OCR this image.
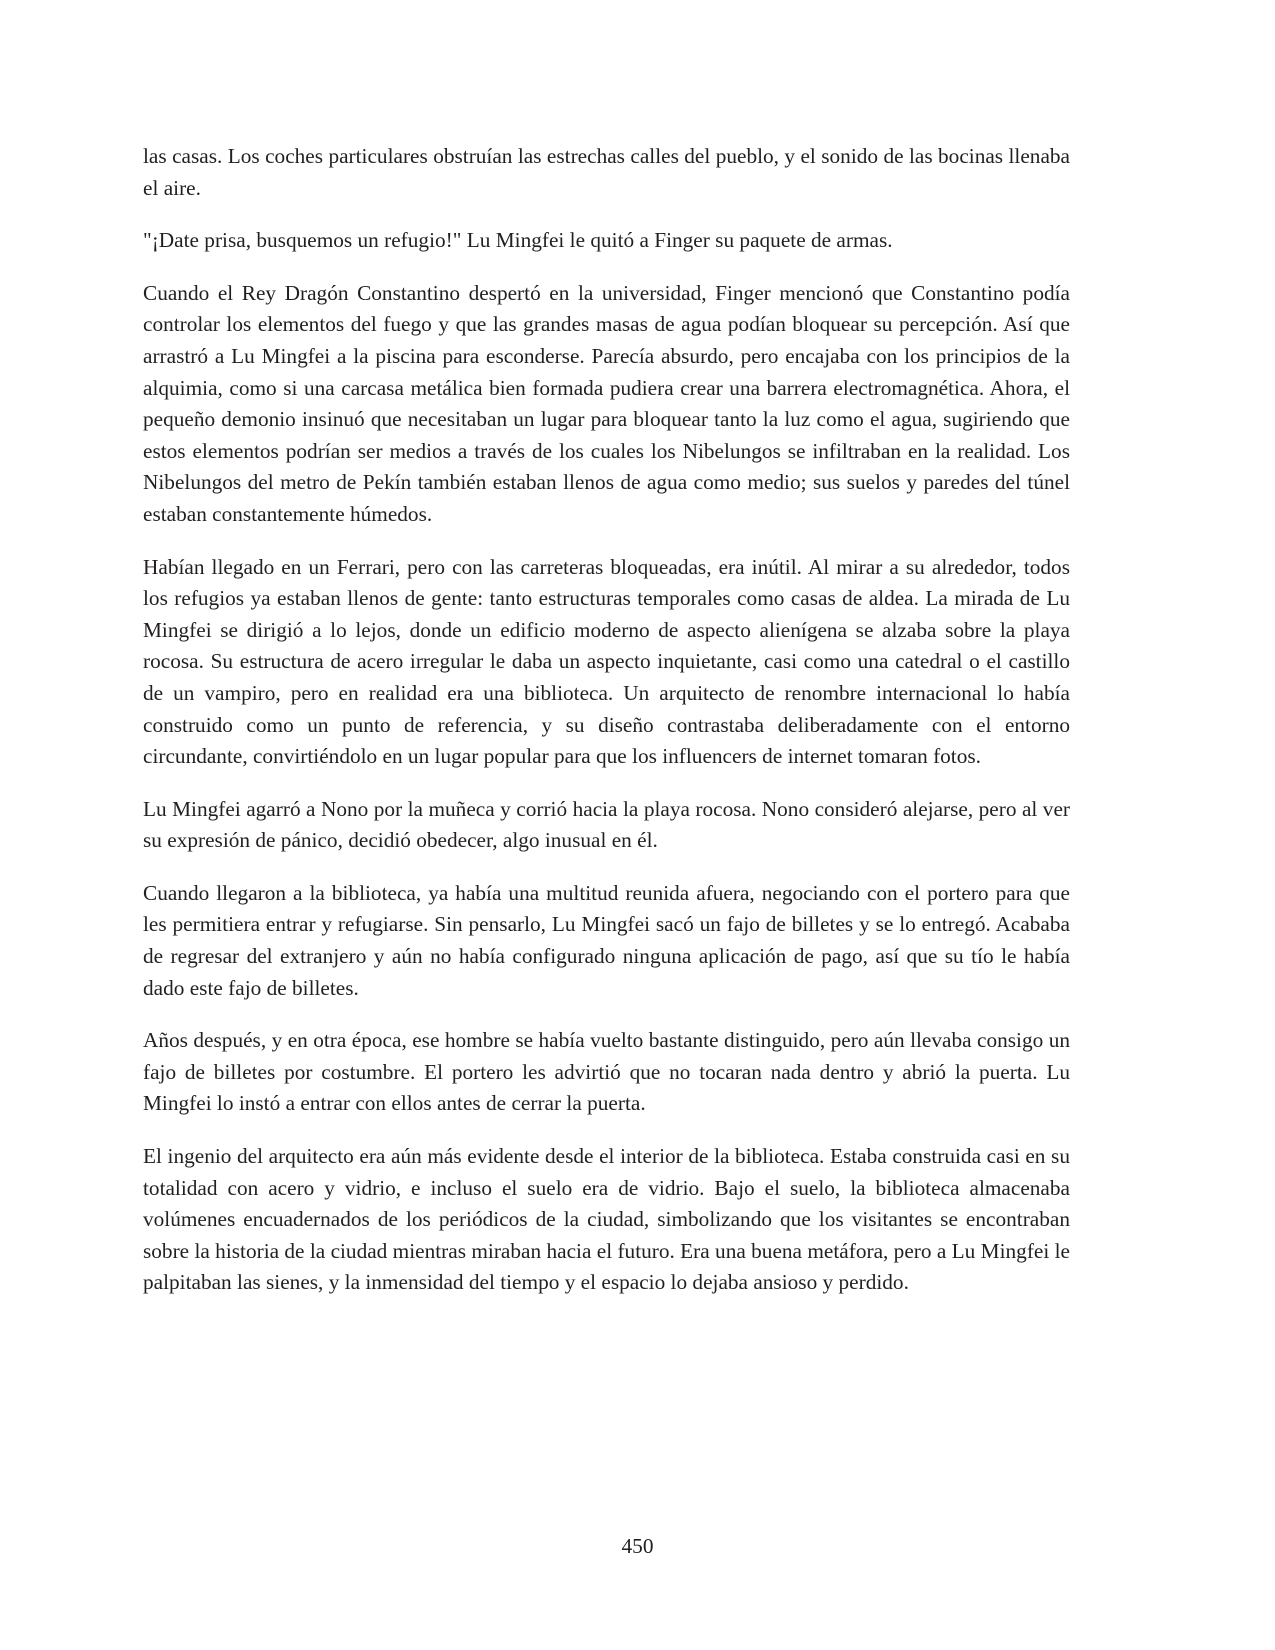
las casas. Los coches particulares obstruían las estrechas calles del pueblo, y el sonido de las bocinas llenaba el aire.

"¡Date prisa, busquemos un refugio!" Lu Mingfei le quitó a Finger su paquete de armas.

Cuando el Rey Dragón Constantino despertó en la universidad, Finger mencionó que Constantino podía controlar los elementos del fuego y que las grandes masas de agua podían bloquear su percepción. Así que arrastró a Lu Mingfei a la piscina para esconderse. Parecía absurdo, pero encajaba con los principios de la alquimia, como si una carcasa metálica bien formada pudiera crear una barrera electromagnética. Ahora, el pequeño demonio insinuó que necesitaban un lugar para bloquear tanto la luz como el agua, sugiriendo que estos elementos podrían ser medios a través de los cuales los Nibelungos se infiltraban en la realidad. Los Nibelungos del metro de Pekín también estaban llenos de agua como medio; sus suelos y paredes del túnel estaban constantemente húmedos.

Habían llegado en un Ferrari, pero con las carreteras bloqueadas, era inútil. Al mirar a su alrededor, todos los refugios ya estaban llenos de gente: tanto estructuras temporales como casas de aldea. La mirada de Lu Mingfei se dirigió a lo lejos, donde un edificio moderno de aspecto alienígena se alzaba sobre la playa rocosa. Su estructura de acero irregular le daba un aspecto inquietante, casi como una catedral o el castillo de un vampiro, pero en realidad era una biblioteca. Un arquitecto de renombre internacional lo había construido como un punto de referencia, y su diseño contrastaba deliberadamente con el entorno circundante, convirtiéndolo en un lugar popular para que los influencers de internet tomaran fotos.

Lu Mingfei agarró a Nono por la muñeca y corrió hacia la playa rocosa. Nono consideró alejarse, pero al ver su expresión de pánico, decidió obedecer, algo inusual en él.

Cuando llegaron a la biblioteca, ya había una multitud reunida afuera, negociando con el portero para que les permitiera entrar y refugiarse. Sin pensarlo, Lu Mingfei sacó un fajo de billetes y se lo entregó. Acababa de regresar del extranjero y aún no había configurado ninguna aplicación de pago, así que su tío le había dado este fajo de billetes.

Años después, y en otra época, ese hombre se había vuelto bastante distinguido, pero aún llevaba consigo un fajo de billetes por costumbre. El portero les advirtió que no tocaran nada dentro y abrió la puerta. Lu Mingfei lo instó a entrar con ellos antes de cerrar la puerta.

El ingenio del arquitecto era aún más evidente desde el interior de la biblioteca. Estaba construida casi en su totalidad con acero y vidrio, e incluso el suelo era de vidrio. Bajo el suelo, la biblioteca almacenaba volúmenes encuadernados de los periódicos de la ciudad, simbolizando que los visitantes se encontraban sobre la historia de la ciudad mientras miraban hacia el futuro. Era una buena metáfora, pero a Lu Mingfei le palpitaban las sienes, y la inmensidad del tiempo y el espacio lo dejaba ansioso y perdido.

450
